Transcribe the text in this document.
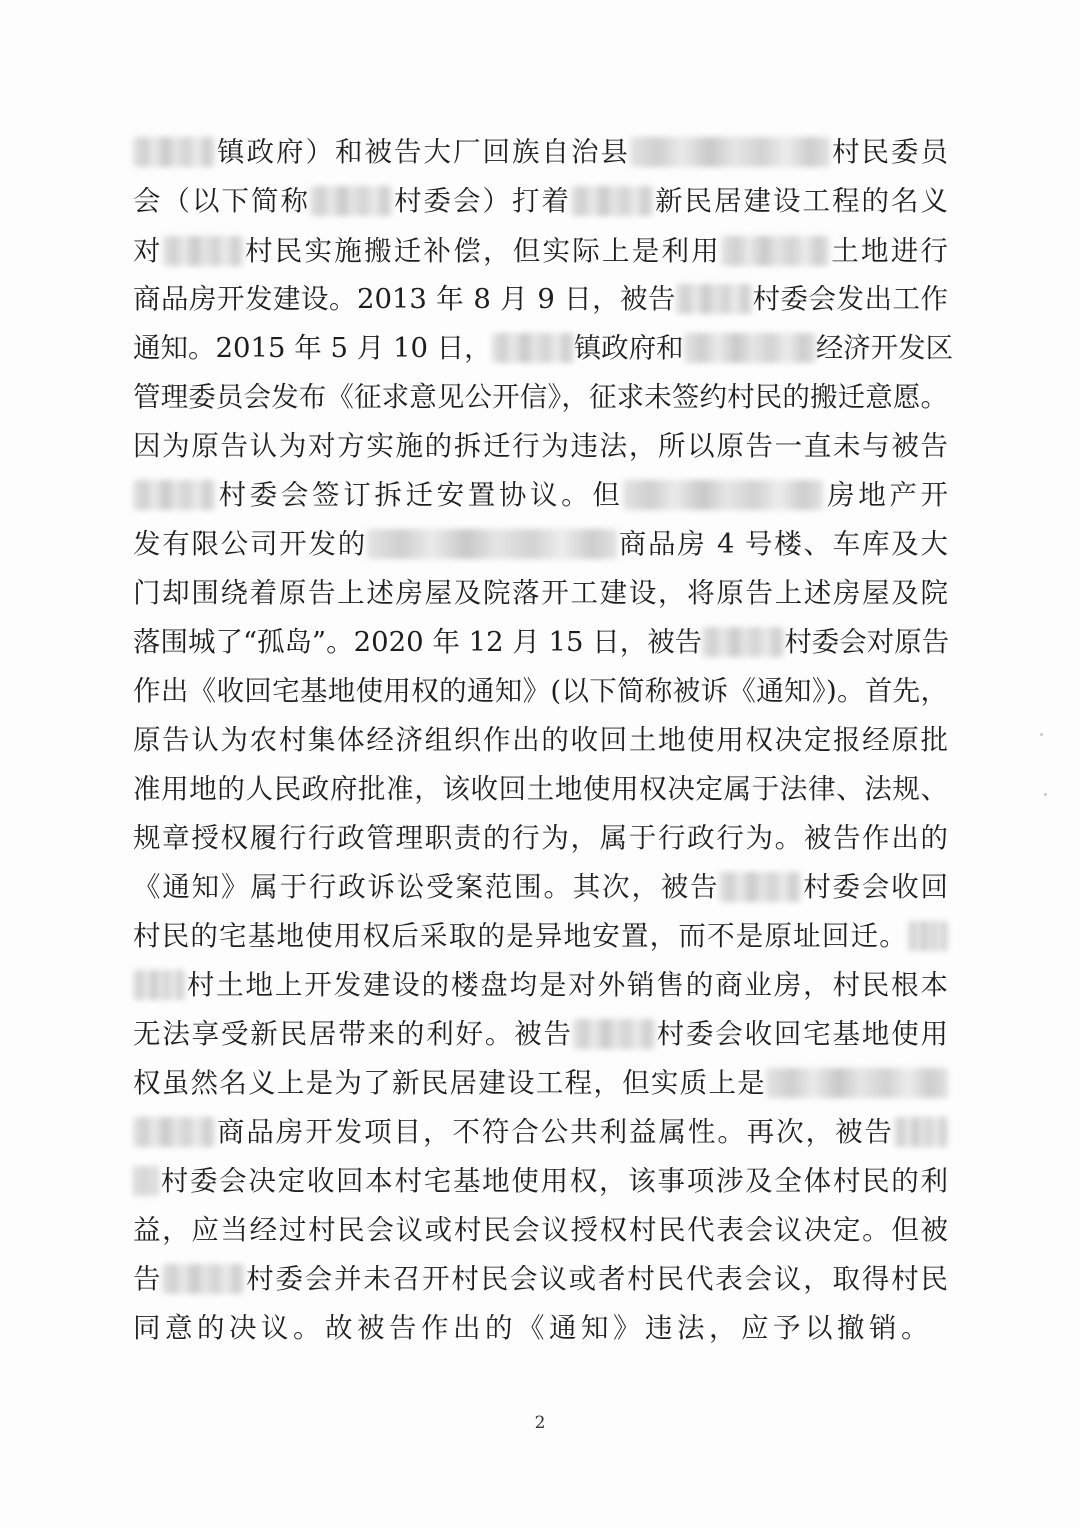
镇政府）和被告大厂回族自治县	村民委员
会（以下简称	村委会）打着	新民居建设工程的名义
对	村民实施搬迁补偿，但实际上是利用	土地进行
商品房开发建设。2013 年 8 月 9 日，被告	村委会发出工作
通知。2015 年 5 月 10 日，	镇政府和	经济开发区
管理委员会发布《征求意见公开信》，征求未签约村民的搬迁意愿。
因为原告认为对方实施的拆迁行为违法，所以原告一直未与被告
村委会签订拆迁安置协议。但	房地产开
发有限公司开发的	商品房 4 号楼、车库及大
门却围绕着原告上述房屋及院落开工建设，将原告上述房屋及院
落围城了“孤岛”。2020 年 12 月 15 日，被告	村委会对原告
作出《收回宅基地使用权的通知》(以下简称被诉《通知》)。首先，
原告认为农村集体经济组织作出的收回土地使用权决定报经原批
准用地的人民政府批准，该收回土地使用权决定属于法律、法规、
规章授权履行行政管理职责的行为，属于行政行为。被告作出的
《通知》属于行政诉讼受案范围。其次，被告	村委会收回
村民的宅基地使用权后采取的是异地安置，而不是原址回迁。
村土地上开发建设的楼盘均是对外销售的商业房，村民根本
无法享受新民居带来的利好。被告	村委会收回宅基地使用
权虽然名义上是为了新民居建设工程，但实质上是
商品房开发项目，不符合公共利益属性。再次，被告
村委会决定收回本村宅基地使用权，该事项涉及全体村民的利
益，应当经过村民会议或村民会议授权村民代表会议决定。但被
告	村委会并未召开村民会议或者村民代表会议，取得村民
同意的决议。故被告作出的《通知》违法，应予以撤销。
2
